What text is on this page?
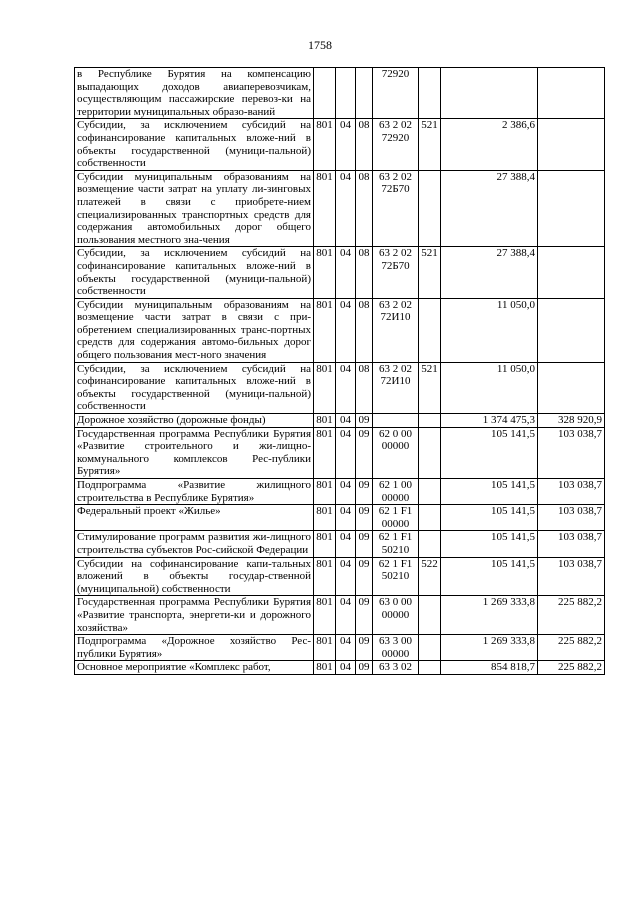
1758
в Республике Бурятия на компенсацию выпадающих доходов авиаперевозчикам, осуществляющим пассажирские перевоз-ки на территории муниципальных образо-ваний				72920			
Субсидии, за исключением субсидий на софинансирование капитальных вложе-ний в объекты государственной (муници-пальной) собственности	801	04	08	63 2 02 72920	521	2 386,6	
Субсидии муниципальным образованиям на возмещение части затрат на уплату ли-зинговых платежей в связи с приобрете-нием специализированных транспортных средств для содержания автомобильных дорог общего пользования местного зна-чения	801	04	08	63 2 02 72Б70		27 388,4	
Субсидии, за исключением субсидий на софинансирование капитальных вложе-ний в объекты государственной (муници-пальной) собственности	801	04	08	63 2 02 72Б70	521	27 388,4	
Субсидии муниципальным образованиям на возмещение части затрат в связи с при-обретением специализированных транс-портных средств для содержания автомо-бильных дорог общего пользования мест-ного значения	801	04	08	63 2 02 72И10		11 050,0	
Субсидии, за исключением субсидий на софинансирование капитальных вложе-ний в объекты государственной (муници-пальной) собственности	801	04	08	63 2 02 72И10	521	11 050,0	
Дорожное хозяйство (дорожные фонды)	801	04	09			1 374 475,3	328 920,9
Государственная программа Республики Бурятия «Развитие строительного и жи-лищно-коммунального комплексов Рес-публики Бурятия»	801	04	09	62 0 00 00000		105 141,5	103 038,7
Подпрограмма «Развитие жилищного строительства в Республике Бурятия»	801	04	09	62 1 00 00000		105 141,5	103 038,7
Федеральный проект «Жилье»	801	04	09	62 1 F1 00000		105 141,5	103 038,7
Стимулирование программ развития жи-лищного строительства субъектов Рос-сийской Федерации	801	04	09	62 1 F1 50210		105 141,5	103 038,7
Субсидии на софинансирование капи-тальных вложений в объекты государ-ственной (муниципальной) собственности	801	04	09	62 1 F1 50210	522	105 141,5	103 038,7
Государственная программа Республики Бурятия «Развитие транспорта, энергети-ки и дорожного хозяйства»	801	04	09	63 0 00 00000		1 269 333,8	225 882,2
Подпрограмма «Дорожное хозяйство Рес-публики Бурятия»	801	04	09	63 3 00 00000		1 269 333,8	225 882,2
Основное мероприятие «Комплекс работ,	801	04	09	63 3 02		854 818,7	225 882,2
